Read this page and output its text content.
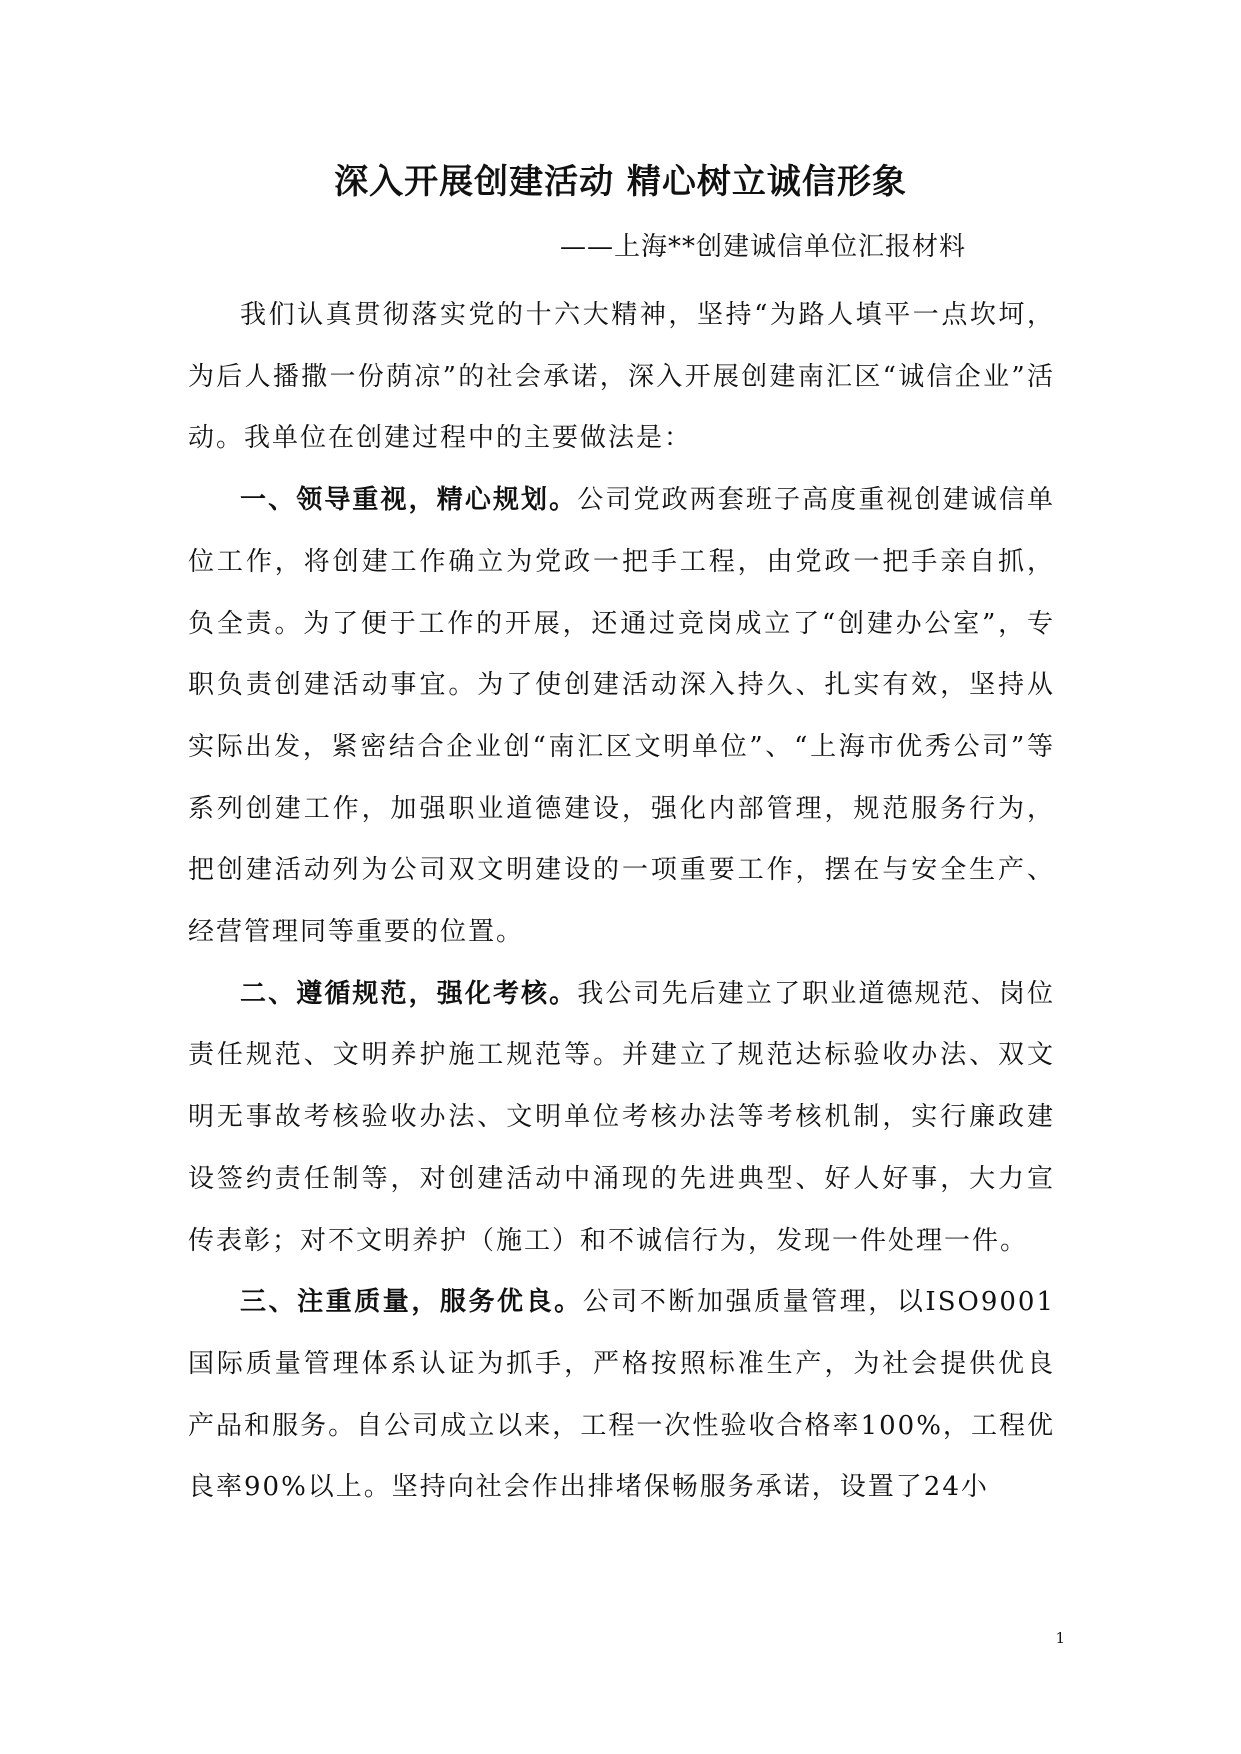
深入开展创建活动 精心树立诚信形象
——上海**创建诚信单位汇报材料

我们认真贯彻落实党的十六大精神，坚持“为路人填平一点坎坷，为后人播撒一份荫凉”的社会承诺，深入开展创建南汇区“诚信企业”活动。我单位在创建过程中的主要做法是：

一、领导重视，精心规划。公司党政两套班子高度重视创建诚信单位工作，将创建工作确立为党政一把手工程，由党政一把手亲自抓，负全责。为了便于工作的开展，还通过竞岗成立了“创建办公室”，专职负责创建活动事宜。为了使创建活动深入持久、扎实有效，坚持从实际出发，紧密结合企业创“南汇区文明单位”、“上海市优秀公司”等系列创建工作，加强职业道德建设，强化内部管理，规范服务行为，把创建活动列为公司双文明建设的一项重要工作，摆在与安全生产、经营管理同等重要的位置。

二、遵循规范，强化考核。我公司先后建立了职业道德规范、岗位责任规范、文明养护施工规范等。并建立了规范达标验收办法、双文明无事故考核验收办法、文明单位考核办法等考核机制，实行廉政建设签约责任制等，对创建活动中涌现的先进典型、好人好事，大力宣传表彰；对不文明养护（施工）和不诚信行为，发现一件处理一件。

三、注重质量，服务优良。公司不断加强质量管理，以ISO9001国际质量管理体系认证为抓手，严格按照标准生产，为社会提供优良产品和服务。自公司成立以来，工程一次性验收合格率100%，工程优良率90%以上。坚持向社会作出排堵保畅服务承诺，设置了24小

1
